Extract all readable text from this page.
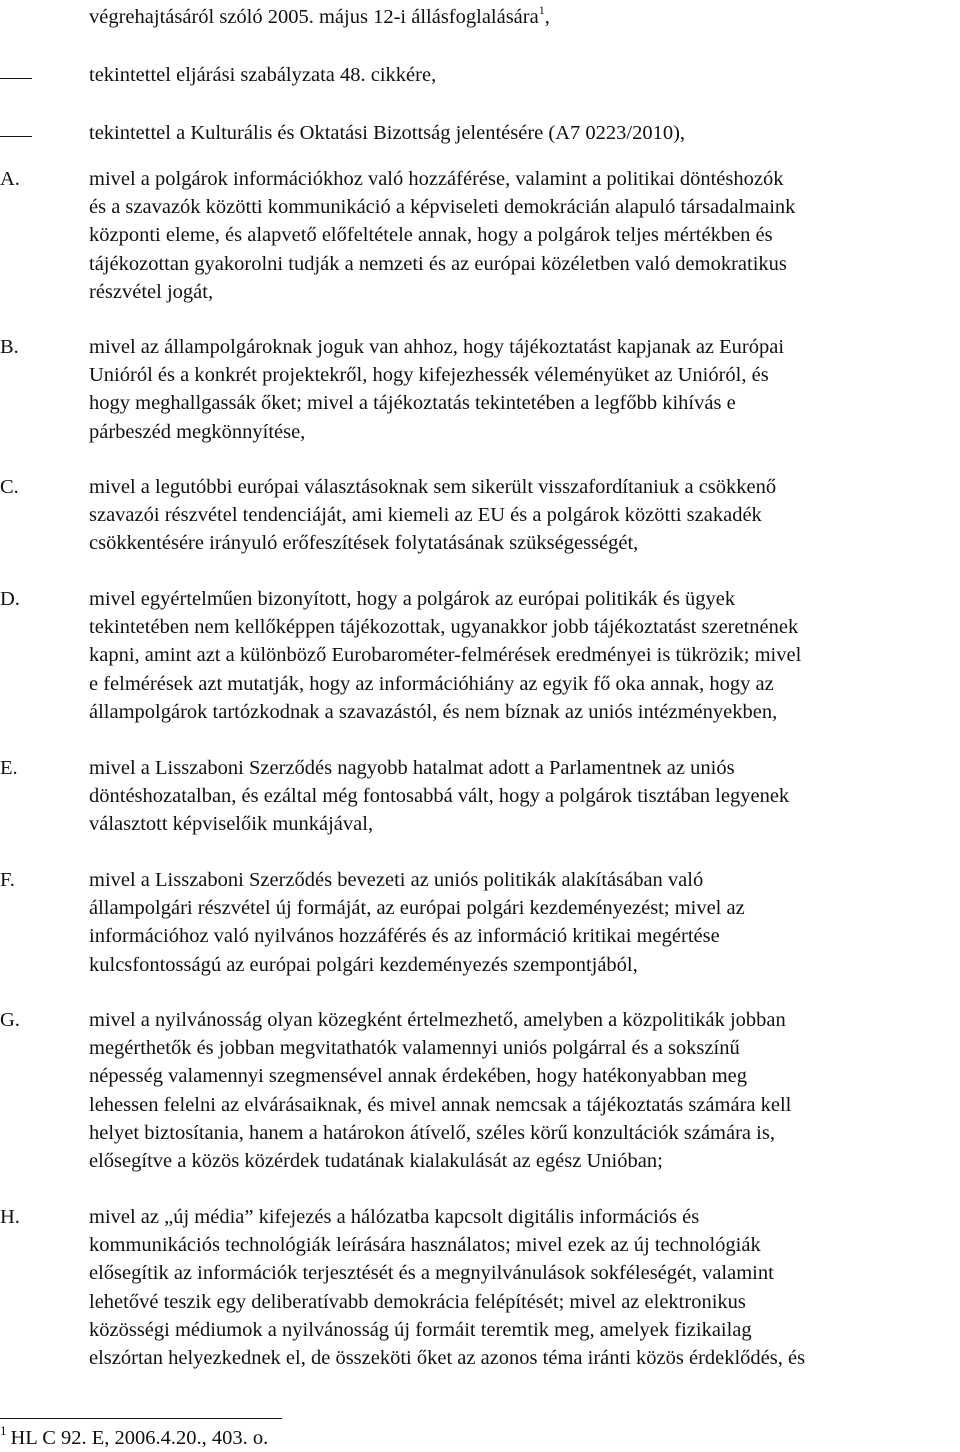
végrehajtásáról szóló 2005. május 12-i állásfoglalására$^1$,
tekintettel eljárási szabályzata 48. cikkére,
tekintettel a Kulturális és Oktatási Bizottság jelentésére (A7 0223/2010),
A.	mivel a polgárok információkhoz való hozzáférése, valamint a politikai döntéshozók
és a szavazók közötti kommunikáció a képviseleti demokrácián alapuló társadalmaink
központi eleme, és alapvető előfeltétele annak, hogy a polgárok teljes mértékben és
tájékozottan gyakorolni tudják a nemzeti és az európai közéletben való demokratikus
részvétel jogát,
B.	mivel az állampolgároknak joguk van ahhoz, hogy tájékoztatást kapjanak az Európai
Unióról és a konkrét projektekről, hogy kifejezhessék véleményüket az Unióról, és
hogy meghallgassák őket; mivel a tájékoztatás tekintetében a legfőbb kihívás e
párbeszéd megkönnyítése,
C.	mivel a legutóbbi európai választásoknak sem sikerült visszafordítaniuk a csökkenő
szavazói részvétel tendenciáját, ami kiemeli az EU és a polgárok közötti szakadék
csökkentésére irányuló erőfeszítések folytatásának szükségességét,
D.	mivel egyértelműen bizonyított, hogy a polgárok az európai politikák és ügyek
tekintetében nem kellőképpen tájékozottak, ugyanakkor jobb tájékoztatást szeretnének
kapni, amint azt a különböző Eurobarométer-felmérések eredményei is tükrözik; mivel
e felmérések azt mutatják, hogy az információhiány az egyik fő oka annak, hogy az
állampolgárok tartózkodnak a szavazástól, és nem bíznak az uniós intézményekben,
E.	mivel a Lisszaboni Szerződés nagyobb hatalmat adott a Parlamentnek az uniós
döntéshozatalban, és ezáltal még fontosabbá vált, hogy a polgárok tisztában legyenek
választott képviselőik munkájával,
F.	mivel a Lisszaboni Szerződés bevezeti az uniós politikák alakításában való
állampolgári részvétel új formáját, az európai polgári kezdeményezést; mivel az
információhoz való nyilvános hozzáférés és az információ kritikai megértése
kulcsfontosságú az európai polgári kezdeményezés szempontjából,
G.	mivel a nyilvánosság olyan közegként értelmezhető, amelyben a közpolitikák jobban
megérthetők és jobban megvitathatók valamennyi uniós polgárral és a sokszínű
népesség valamennyi szegmensével annak érdekében, hogy hatékonyabban meg
lehessen felelni az elvárásaiknak, és mivel annak nemcsak a tájékoztatás számára kell
helyet biztosítania, hanem a határokon átívelő, széles körű konzultációk számára is,
elősegítve a közös közérdek tudatának kialakulását az egész Unióban;
H.	mivel az „új média” kifejezés a hálózatba kapcsolt digitális információs és
kommunikációs technológiák leírására használatos; mivel ezek az új technológiák
elősegítik az információk terjesztését és a megnyilvánulások sokféleségét, valamint
lehetővé teszik egy deliberatívabb demokrácia felépítését; mivel az elektronikus
közösségi médiumok a nyilvánosság új formáit teremtik meg, amelyek fizikailag
elszórtan helyezkednek el, de összeköti őket az azonos téma iránti közös érdeklődés, és
$^1$ HL C 92. E, 2006.4.20., 403. o.
